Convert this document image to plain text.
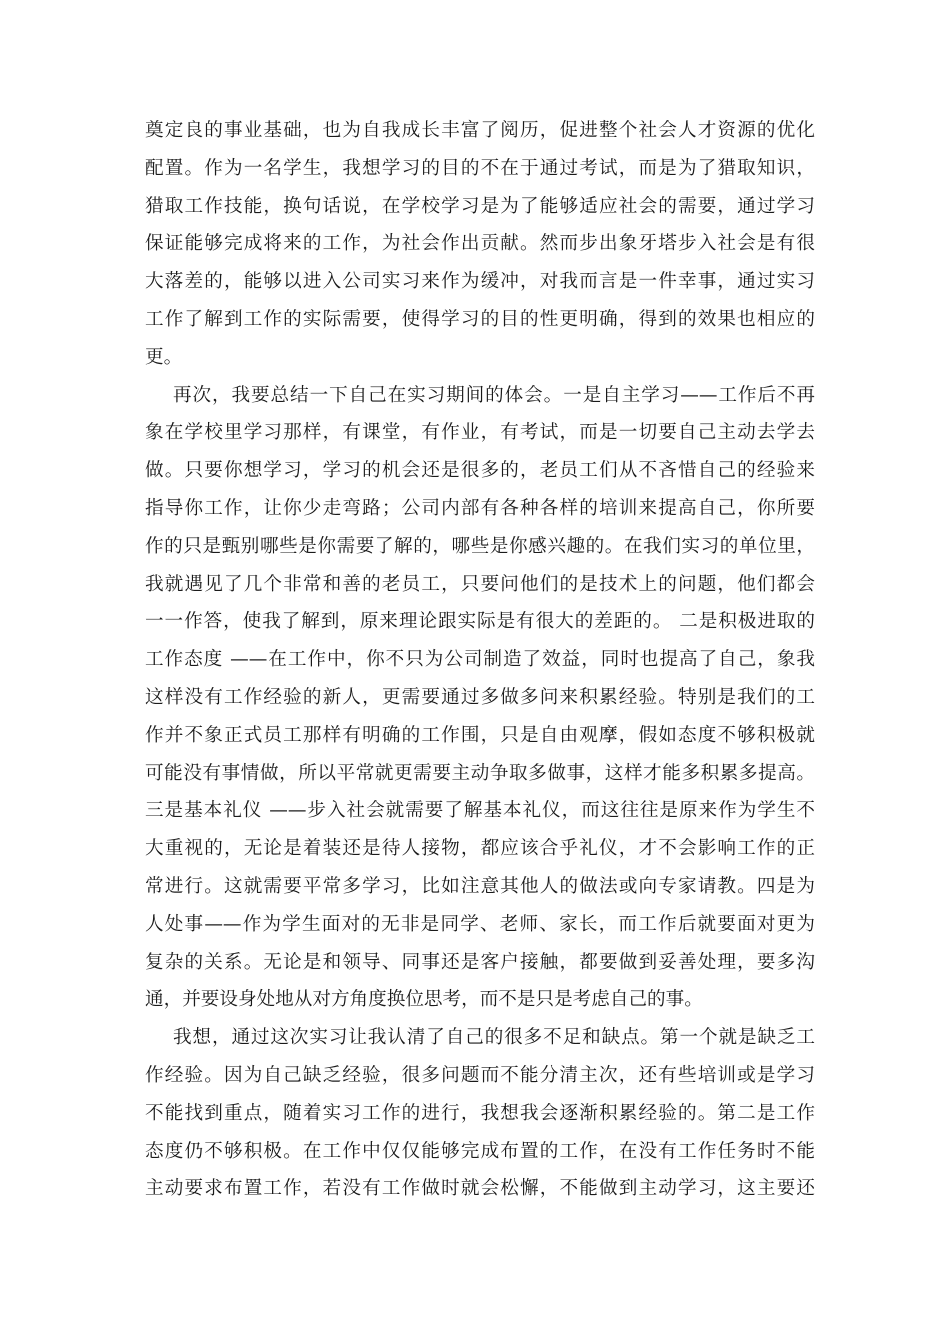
奠定良的事业基础，也为自我成长丰富了阅历，促进整个社会人才资源的优化
配置。作为一名学生，我想学习的目的不在于通过考试，而是为了猎取知识，
猎取工作技能，换句话说，在学校学习是为了能够适应社会的需要，通过学习
保证能够完成将来的工作，为社会作出贡献。然而步出象牙塔步入社会是有很
大落差的，能够以进入公司实习来作为缓冲，对我而言是一件幸事，通过实习
工作了解到工作的实际需要，使得学习的目的性更明确，得到的效果也相应的
更。
再次，我要总结一下自己在实习期间的体会。一是自主学习——工作后不再
象在学校里学习那样，有课堂，有作业，有考试，而是一切要自己主动去学去
做。只要你想学习，学习的机会还是很多的，老员工们从不吝惜自己的经验来
指导你工作，让你少走弯路；公司内部有各种各样的培训来提高自己，你所要
作的只是甄别哪些是你需要了解的，哪些是你感兴趣的。在我们实习的单位里，
我就遇见了几个非常和善的老员工，只要问他们的是技术上的问题，他们都会
一一作答，使我了解到，原来理论跟实际是有很大的差距的。 二是积极进取的
工作态度 ——在工作中，你不只为公司制造了效益，同时也提高了自己，象我
这样没有工作经验的新人，更需要通过多做多问来积累经验。特别是我们的工
作并不象正式员工那样有明确的工作围，只是自由观摩，假如态度不够积极就
可能没有事情做，所以平常就更需要主动争取多做事，这样才能多积累多提高。
三是基本礼仪 ——步入社会就需要了解基本礼仪，而这往往是原来作为学生不
大重视的，无论是着装还是待人接物，都应该合乎礼仪，才不会影响工作的正
常进行。这就需要平常多学习，比如注意其他人的做法或向专家请教。四是为
人处事——作为学生面对的无非是同学、老师、家长，而工作后就要面对更为
复杂的关系。无论是和领导、同事还是客户接触，都要做到妥善处理，要多沟
通，并要设身处地从对方角度换位思考，而不是只是考虑自己的事。
我想，通过这次实习让我认清了自己的很多不足和缺点。第一个就是缺乏工
作经验。因为自己缺乏经验，很多问题而不能分清主次，还有些培训或是学习
不能找到重点，随着实习工作的进行，我想我会逐渐积累经验的。第二是工作
态度仍不够积极。在工作中仅仅能够完成布置的工作，在没有工作任务时不能
主动要求布置工作，若没有工作做时就会松懈，不能做到主动学习，这主要还
